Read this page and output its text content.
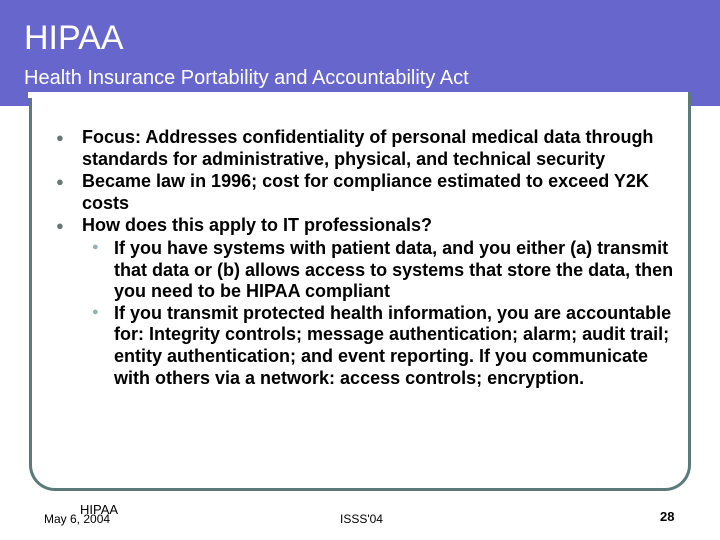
HIPAA
Health Insurance Portability and Accountability Act
● Focus: Addresses confidentiality of personal medical data through standards for administrative, physical, and technical security
● Became law in 1996; cost for compliance estimated to exceed Y2K costs
● How does this apply to IT professionals?
● If you have systems with patient data, and you either (a) transmit that data or (b) allows access to systems that store the data, then you need to be HIPAA compliant
● If you transmit protected health information, you are accountable for: Integrity controls; message authentication; alarm; audit trail; entity authentication; and event reporting. If you communicate with others via a network: access controls; encryption.
May 6, 2004
HIPAA
ISSS'04	28
